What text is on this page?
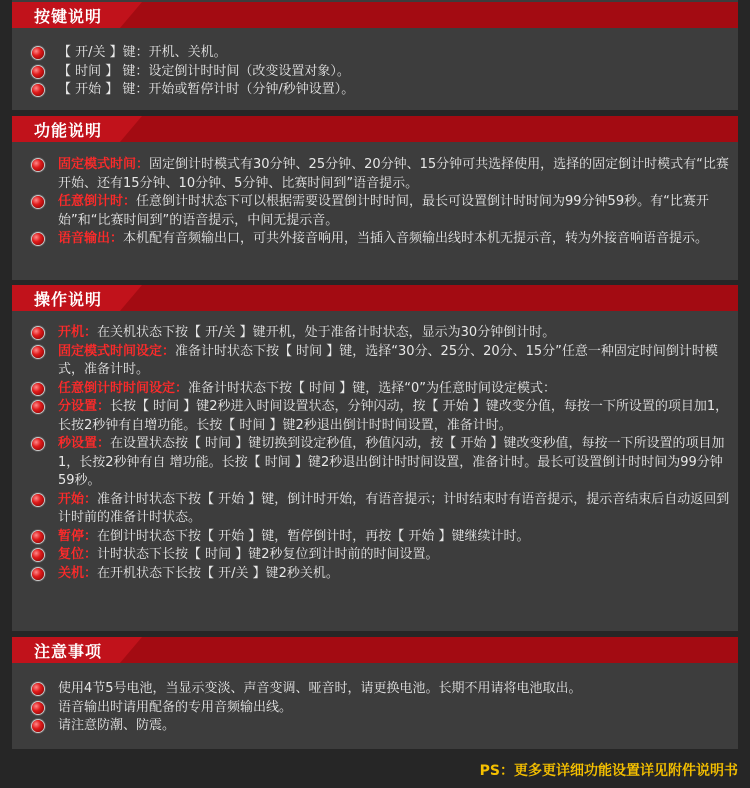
按键说明
功能说明
操作说明
注意事项

【 开/关 】键：开机、关机。

【 时间 】 键：设定倒计时时间（改变设置对象）。

【 开始 】 键：开始或暂停计时（分钟/秒钟设置）。

固定模式时间：固定倒计时模式有30分钟、25分钟、20分钟、15分钟可共选择使用，选择的固定倒计时模式有“比赛开始、还有15分钟、10分钟、5分钟、比赛时间到”语音提示。

任意倒计时：任意倒计时状态下可以根据需要设置倒计时时间，最长可设置倒计时时间为99分钟59秒。有“比赛开始”和“比赛时间到”的语音提示，中间无提示音。

语音输出：本机配有音频输出口，可共外接音响用，当插入音频输出线时本机无提示音，转为外接音响语音提示。

开机：在关机状态下按【 开/关 】键开机，处于准备计时状态，显示为30分钟倒计时。

固定模式时间设定：准备计时状态下按【 时间 】键，选择“30分、25分、20分、15分”任意一种固定时间倒计时模式，准备计时。

任意倒计时时间设定：准备计时状态下按【 时间 】键，选择“0”为任意时间设定模式：

分设置：长按【 时间 】键2秒进入时间设置状态，分钟闪动，按【 开始 】键改变分值，每按一下所设置的项目加1，长按2秒钟有自增功能。长按【 时间 】键2秒退出倒计时时间设置，准备计时。

秒设置：在设置状态按【 时间 】键切换到设定秒值，秒值闪动，按【 开始 】键改变秒值，每按一下所设置的项目加1，长按2秒钟有自 增功能。长按【 时间 】键2秒退出倒计时时间设置，准备计时。最长可设置倒计时时间为99分钟59秒。

开始：准备计时状态下按【 开始 】键，倒计时开始，有语音提示；计时结束时有语音提示，提示音结束后自动返回到计时前的准备计时状态。

暂停：在倒计时状态下按【 开始 】键，暂停倒计时，再按【 开始 】键继续计时。

复位：计时状态下长按【 时间 】键2秒复位到计时前的时间设置。

关机：在开机状态下长按【 开/关 】键2秒关机。

使用4节5号电池，当显示变淡、声音变调、哑音时，请更换电池。长期不用请将电池取出。

语音输出时请用配备的专用音频输出线。

请注意防潮、防震。

PS：更多更详细功能设置详见附件说明书
